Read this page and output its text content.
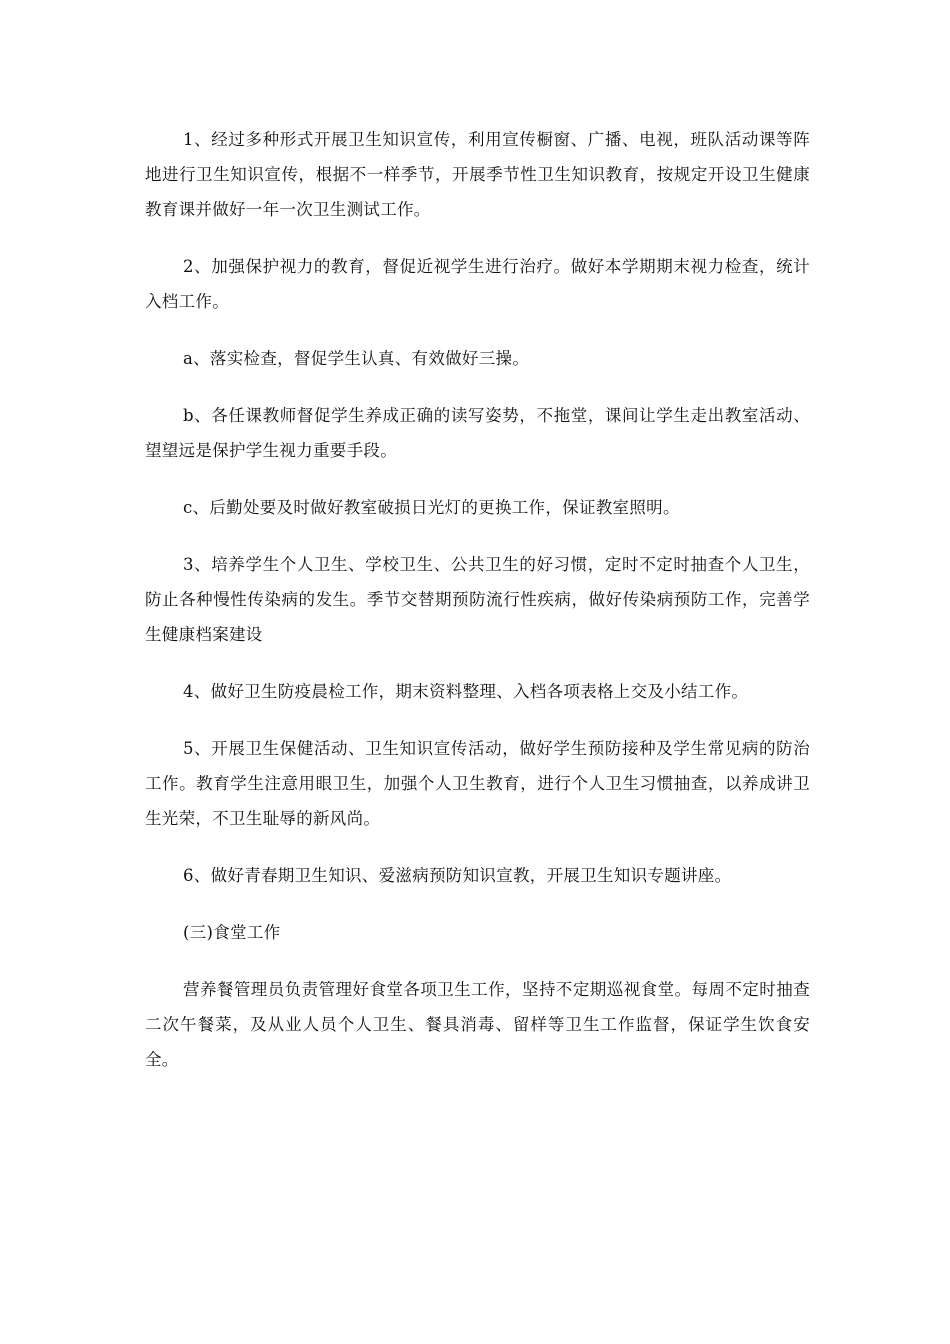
1、经过多种形式开展卫生知识宣传，利用宣传橱窗、广播、电视，班队活动课等阵地进行卫生知识宣传，根据不一样季节，开展季节性卫生知识教育，按规定开设卫生健康教育课并做好一年一次卫生测试工作。

2、加强保护视力的教育，督促近视学生进行治疗。做好本学期期末视力检查，统计入档工作。

a、落实检查，督促学生认真、有效做好三操。

b、各任课教师督促学生养成正确的读写姿势，不拖堂，课间让学生走出教室活动、望望远是保护学生视力重要手段。

c、后勤处要及时做好教室破损日光灯的更换工作，保证教室照明。

3、培养学生个人卫生、学校卫生、公共卫生的好习惯，定时不定时抽查个人卫生，防止各种慢性传染病的发生。季节交替期预防流行性疾病，做好传染病预防工作，完善学生健康档案建设

4、做好卫生防疫晨检工作，期末资料整理、入档各项表格上交及小结工作。

5、开展卫生保健活动、卫生知识宣传活动，做好学生预防接种及学生常见病的防治工作。教育学生注意用眼卫生，加强个人卫生教育，进行个人卫生习惯抽查，以养成讲卫生光荣，不卫生耻辱的新风尚。

6、做好青春期卫生知识、爱滋病预防知识宣教，开展卫生知识专题讲座。

(三)食堂工作

营养餐管理员负责管理好食堂各项卫生工作，坚持不定期巡视食堂。每周不定时抽查二次午餐菜，及从业人员个人卫生、餐具消毒、留样等卫生工作监督，保证学生饮食安全。
